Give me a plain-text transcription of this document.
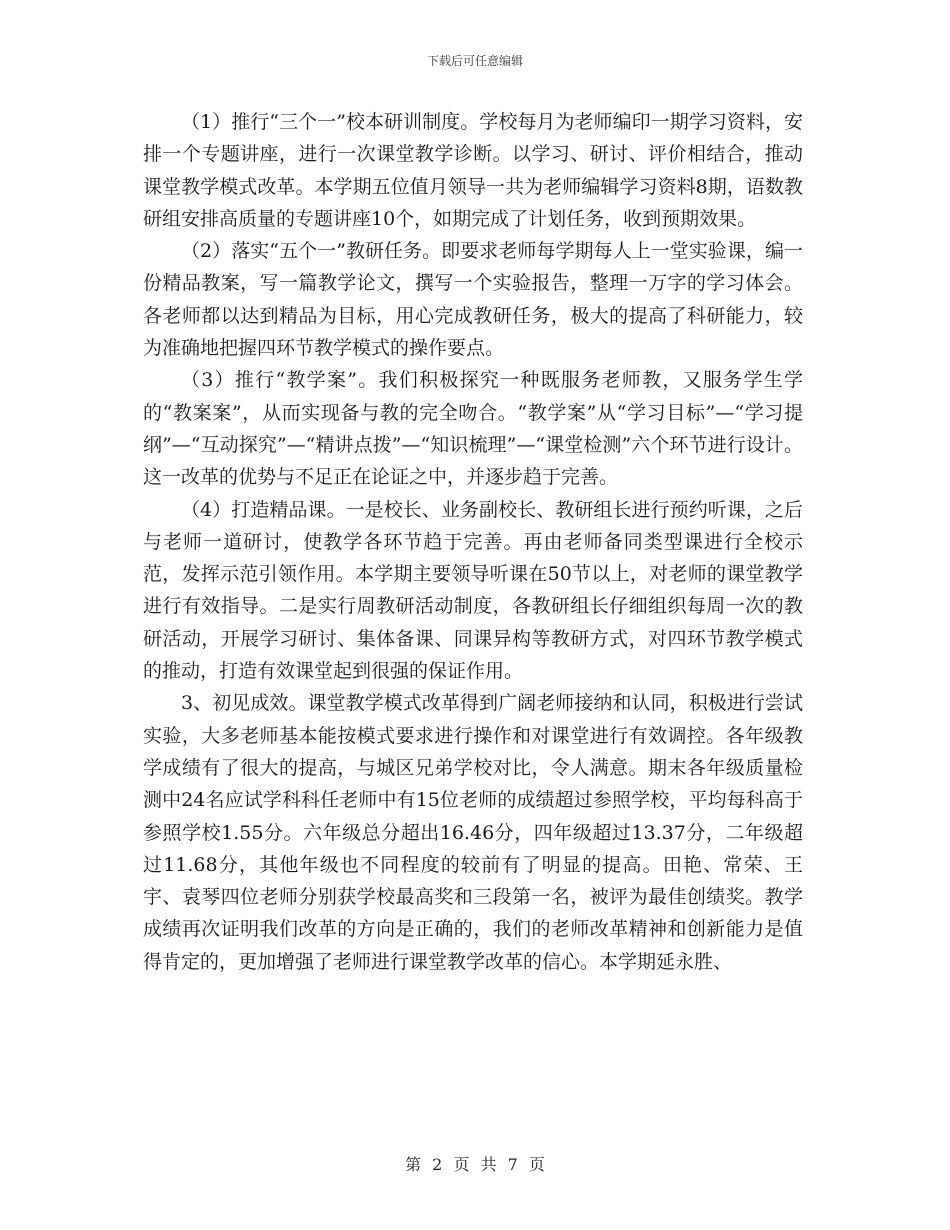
下载后可任意编辑

（1）推行“三个一”校本研训制度。学校每月为老师编印一期学习资料，安排一个专题讲座，进行一次课堂教学诊断。以学习、研讨、评价相结合，推动课堂教学模式改革。本学期五位值月领导一共为老师编辑学习资料8期，语数教研组安排高质量的专题讲座10个，如期完成了计划任务，收到预期效果。

（2）落实“五个一”教研任务。即要求老师每学期每人上一堂实验课，编一份精品教案，写一篇教学论文，撰写一个实验报告，整理一万字的学习体会。各老师都以达到精品为目标，用心完成教研任务，极大的提高了科研能力，较为准确地把握四环节教学模式的操作要点。

（3）推行“教学案”。我们积极探究一种既服务老师教，又服务学生学的“教案案”，从而实现备与教的完全吻合。“教学案”从“学习目标”—“学习提纲”—“互动探究”—“精讲点拨”—“知识梳理”—“课堂检测”六个环节进行设计。这一改革的优势与不足正在论证之中，并逐步趋于完善。

（4）打造精品课。一是校长、业务副校长、教研组长进行预约听课，之后与老师一道研讨，使教学各环节趋于完善。再由老师备同类型课进行全校示范，发挥示范引领作用。本学期主要领导听课在50节以上，对老师的课堂教学进行有效指导。二是实行周教研活动制度，各教研组长仔细组织每周一次的教研活动，开展学习研讨、集体备课、同课异构等教研方式，对四环节教学模式的推动，打造有效课堂起到很强的保证作用。

3、初见成效。课堂教学模式改革得到广阔老师接纳和认同，积极进行尝试实验，大多老师基本能按模式要求进行操作和对课堂进行有效调控。各年级教学成绩有了很大的提高，与城区兄弟学校对比，令人满意。期末各年级质量检测中24名应试学科科任老师中有15位老师的成绩超过参照学校，平均每科高于参照学校1.55分。六年级总分超出16.46分，四年级超过13.37分，二年级超过11.68分，其他年级也不同程度的较前有了明显的提高。田艳、常荣、王宇、袁琴四位老师分别获学校最高奖和三段第一名，被评为最佳创绩奖。教学成绩再次证明我们改革的方向是正确的，我们的老师改革精神和创新能力是值得肯定的，更加增强了老师进行课堂教学改革的信心。本学期延永胜、

第 2 页 共 7 页
